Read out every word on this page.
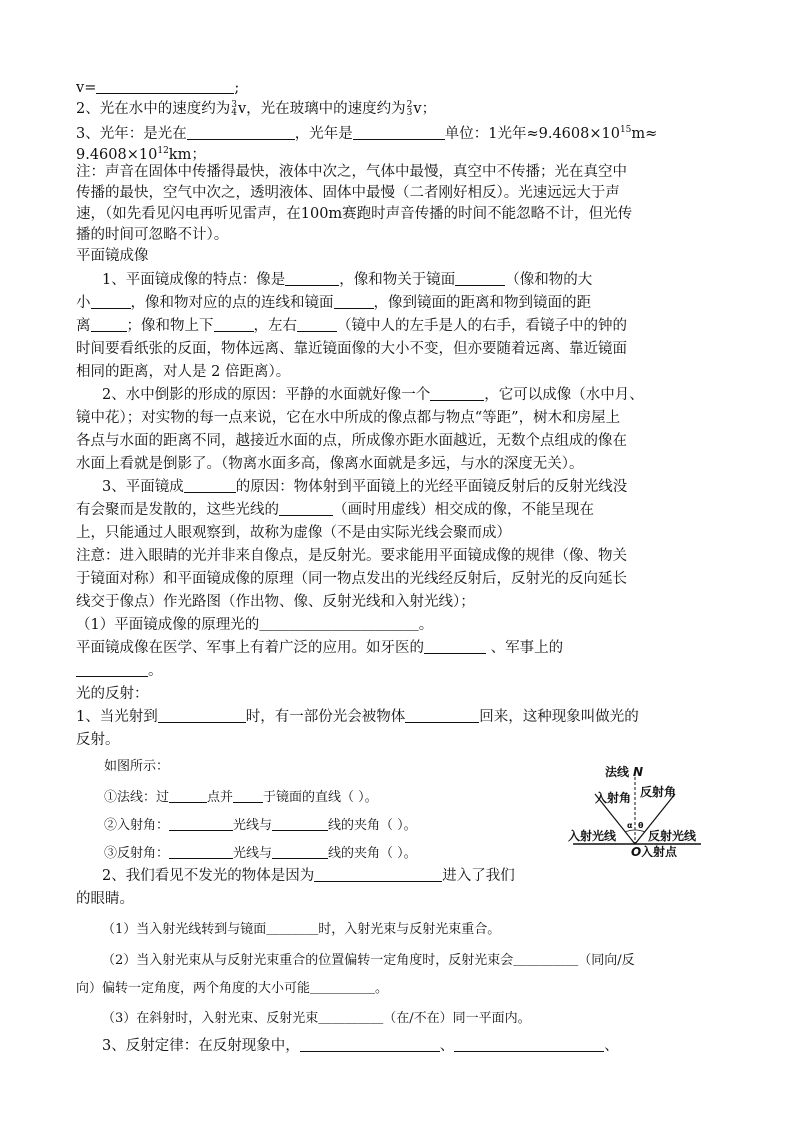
v=	;
2、光在水中的速度约为 3
4 v，光在玻璃中的速度约为 2
3 v；
3、光年：是光在	，光年是	单位：1光年$\approx 9.4608\times 10^{15}m\approx$
$9.4608\times 10^{12}km$；
注：声音在固体中传播得最快，液体中次之，气体中最慢，真空中不传播；光在真空中
传播的最快，空气中次之，透明液体、固体中最慢（二者刚好相反）。光速远远大于声
速，（如先看见闪电再听见雷声，在100m赛跑时声音传播的时间不能忽略不计，但光传
播的时间可忽略不计）。
平面镜成像
1、平面镜成像的特点：像是	，像和物关于镜面	（像和物的大
小	，像和物对应的点的连线和镜面	，像到镜面的距离和物到镜面的距
离 ；像和物上下	，左右	（镜中人的左手是人的右手，看镜子中的钟的
时间要看纸张的反面，物体远离、靠近镜面像的大小不变，但亦要随着远离、靠近镜面
相同的距离，对人是 2 倍距离）。
2、水中倒影的形成的原因：平静的水面就好像一个	，它可以成像（水中月、
镜中花）；对实物的每一点来说，它在水中所成的像点都与物点“等距”，树木和房屋上
各点与水面的距离不同，越接近水面的点，所成像亦距水面越近，无数个点组成的像在
水面上看就是倒影了。（物离水面多高，像离水面就是多远，与水的深度无关）。
3、平面镜成	的原因：物体射到平面镜上的光经平面镜反射后的反射光线没
有会聚而是发散的，这些光线的	（画时用虚线）相交成的像，不能呈现在
上，只能通过人眼观察到，故称为虚像（不是由实际光线会聚而成）
注意：进入眼睛的光并非来自像点，是反射光。要求能用平面镜成像的规律（像、物关
于镜面对称）和平面镜成像的原理（同一物点发出的光线经反射后，反射光的反向延长
线交于像点）作光路图（作出物、像、反射光线和入射光线）；
（1）平面镜成像的原理光的＿＿＿＿＿＿＿＿＿＿＿。
平面镜成像在医学、军事上有着广泛的应用。如牙医的	、军事上的
。
光的反射：
1、当光射到	时，有一部份光会被物体	回来，这种现象叫做光的
反射。
如图所示：
①法线：过	点并 于镜面的直线（ ）。
②入射角：	光线与	线的夹角（ ）。
③反射角：	光线与	线的夹角（ ）。
2、我们看见不发光的物体是因为	进入了我们
的眼睛。
（1）当入射光线转到与镜面＿＿＿＿时，入射光束与反射光束重合。
（2）当入射光束从与反射光束重合的位置偏转一定角度时，反射光束会＿＿＿＿＿（同向/反
向）偏转一定角度，两个角度的大小可能＿＿＿＿＿。
（3）在斜射时，入射光束、反射光束＿＿＿＿＿（在/不在）同一平面内。
3、反射定律：在反射现象中，	、	、
法线 N
入射角 反射角
α θ
入射光线	反射光线
O 入射点
